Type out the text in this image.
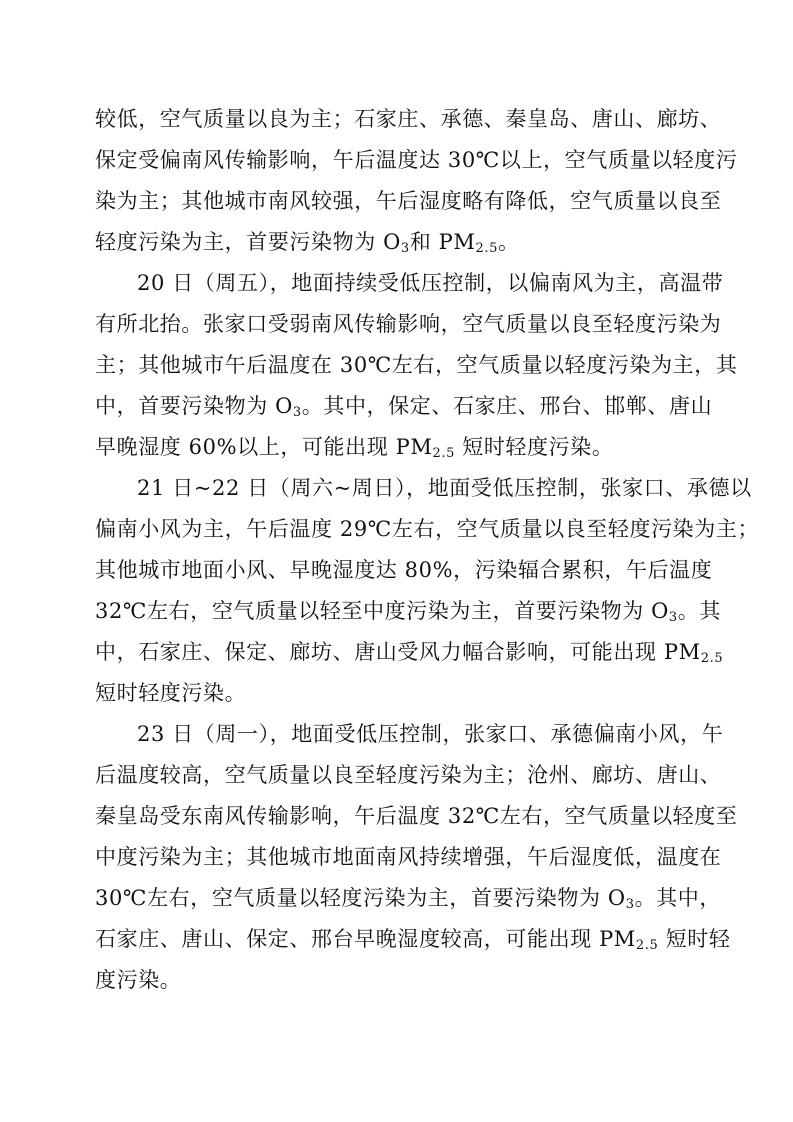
较低，空气质量以良为主；石家庄、承德、秦皇岛、唐山、廊坊、
保定受偏南风传输影响，午后温度达 30℃以上，空气质量以轻度污
染为主；其他城市南风较强，午后湿度略有降低，空气质量以良至
轻度污染为主，首要污染物为 $O_3$和 $PM_{2.5}$。
20 日（周五），地面持续受低压控制，以偏南风为主，高温带
有所北抬。张家口受弱南风传输影响，空气质量以良至轻度污染为
主；其他城市午后温度在 30℃左右，空气质量以轻度污染为主，其
中，首要污染物为 $O_3$。其中，保定、石家庄、邢台、邯郸、唐山
早晚湿度 60%以上，可能出现 $PM_{2.5}$ 短时轻度污染。
21 日~22 日（周六~周日），地面受低压控制，张家口、承德以
偏南小风为主，午后温度 29℃左右，空气质量以良至轻度污染为主；
其他城市地面小风、早晚湿度达 80%，污染辐合累积，午后温度
32℃左右，空气质量以轻至中度污染为主，首要污染物为 $O_3$。其
中，石家庄、保定、廊坊、唐山受风力幅合影响，可能出现 $PM_{2.5}$
短时轻度污染。
23 日（周一），地面受低压控制，张家口、承德偏南小风，午
后温度较高，空气质量以良至轻度污染为主；沧州、廊坊、唐山、
秦皇岛受东南风传输影响，午后温度 32℃左右，空气质量以轻度至
中度污染为主；其他城市地面南风持续增强，午后湿度低，温度在
30℃左右，空气质量以轻度污染为主，首要污染物为 $O_3$。其中，
石家庄、唐山、保定、邢台早晚湿度较高，可能出现 $PM_{2.5}$ 短时轻
度污染。
